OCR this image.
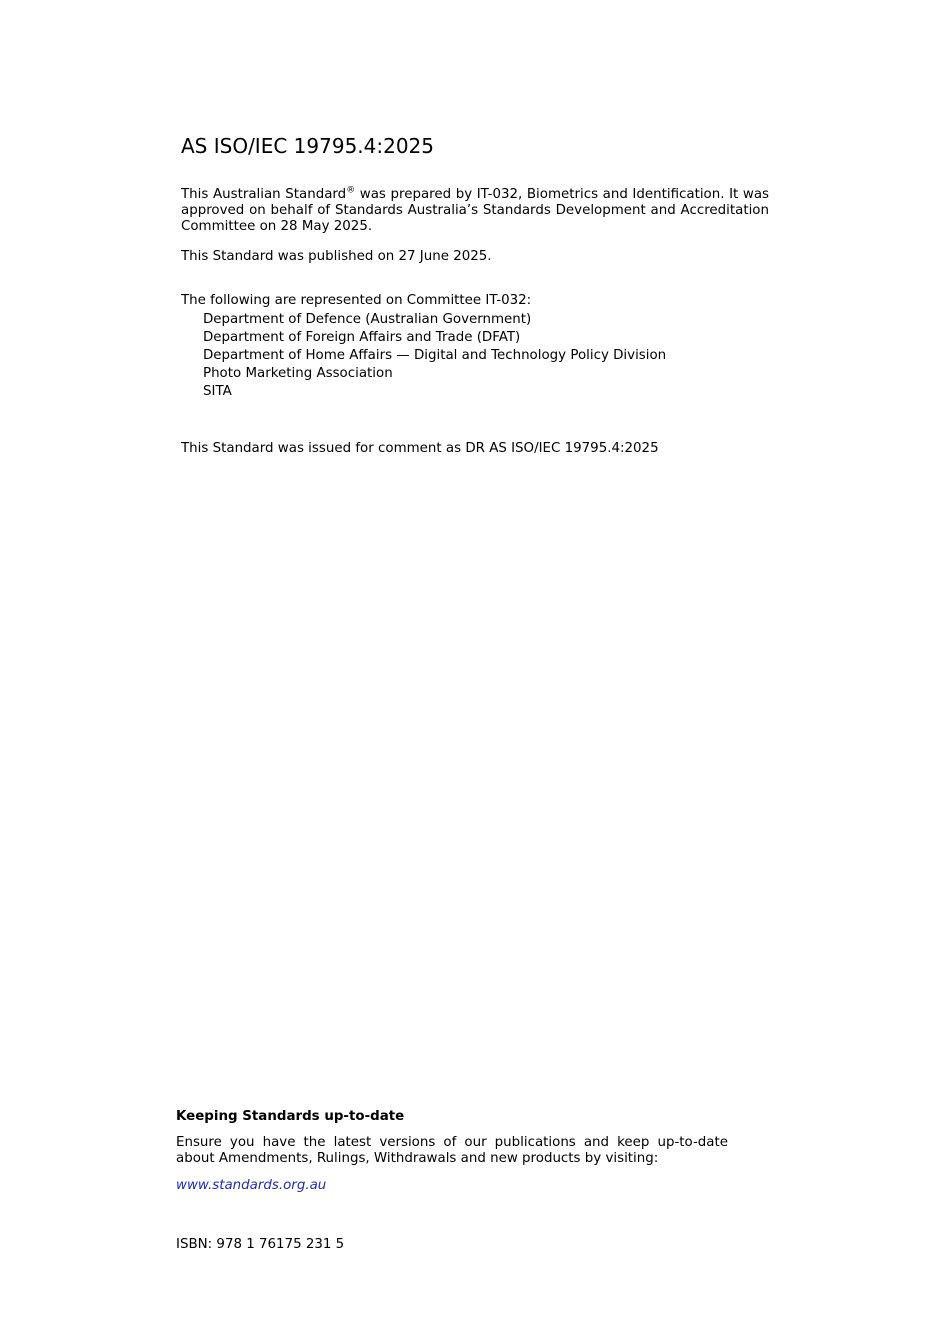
AS ISO/IEC 19795.4:2025
This Australian Standard® was prepared by IT-032, Biometrics and Identification. It was approved on behalf of Standards Australia’s Standards Development and Accreditation Committee on 28 May 2025.
This Standard was published on 27 June 2025.
The following are represented on Committee IT-032:
Department of Defence (Australian Government)
Department of Foreign Affairs and Trade (DFAT)
Department of Home Affairs — Digital and Technology Policy Division
Photo Marketing Association
SITA
This Standard was issued for comment as DR AS ISO/IEC 19795.4:2025
Keeping Standards up-to-date
Ensure you have the latest versions of our publications and keep up-to-date about Amendments, Rulings, Withdrawals and new products by visiting:
www.standards.org.au
ISBN: 978 1 76175 231 5
